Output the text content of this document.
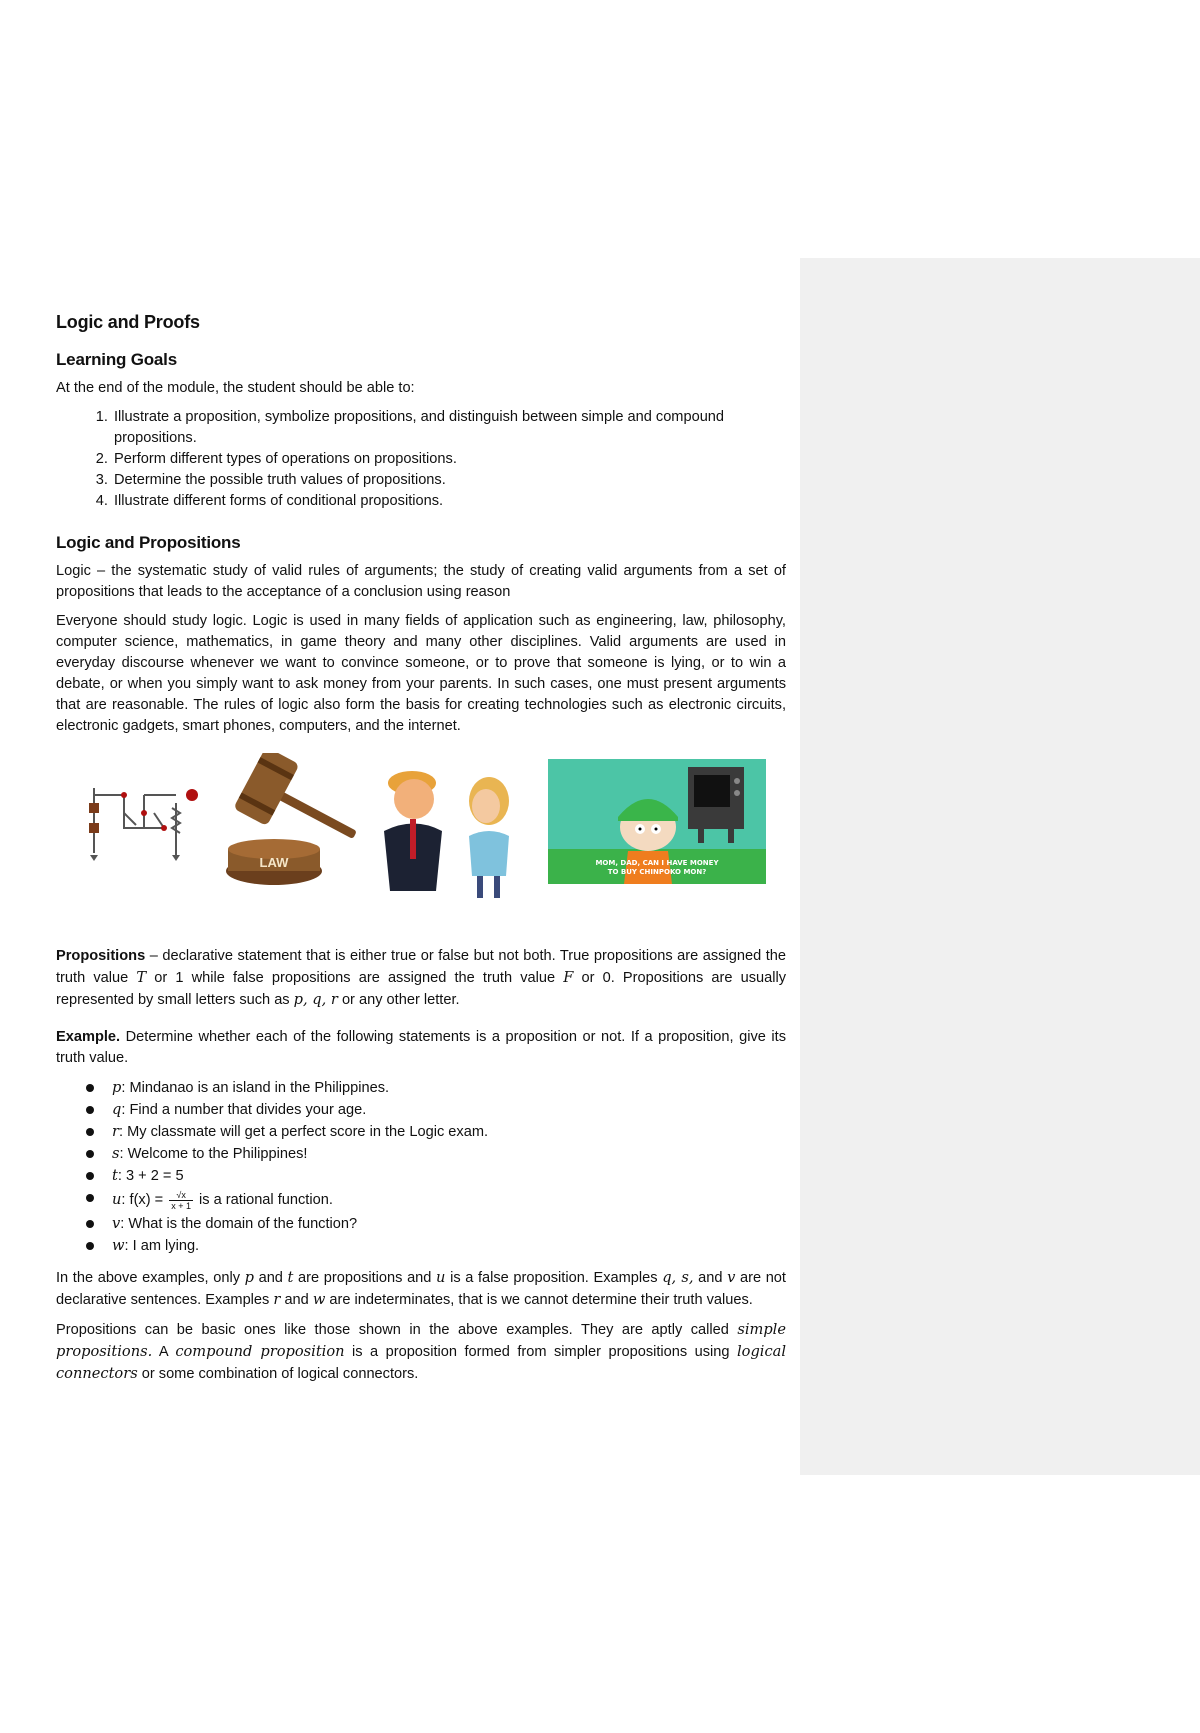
Logic and Proofs
Learning Goals

At the end of the module, the student should be able to:

1. Illustrate a proposition, symbolize propositions, and distinguish between simple and compound propositions.
2. Perform different types of operations on propositions.
3. Determine the possible truth values of propositions.
4. Illustrate different forms of conditional propositions.
Logic and Propositions

Logic – the systematic study of valid rules of arguments; the study of creating valid arguments from a set of propositions that leads to the acceptance of a conclusion using reason

Everyone should study logic. Logic is used in many fields of application such as engineering, law, philosophy, computer science, mathematics, in game theory and many other disciplines. Valid arguments are used in everyday discourse whenever we want to convince someone, or to prove that someone is lying, or to win a debate, or when you simply want to ask money from your parents. In such cases, one must present arguments that are reasonable. The rules of logic also form the basis for creating technologies such as electronic circuits, electronic gadgets, smart phones, computers, and the internet.

LAW	MOM, DAD, CAN I HAVE MONEY
TO BUY CHINPOKO MON?

Propositions – declarative statement that is either true or false but not both. True propositions are assigned the truth value T or 1 while false propositions are assigned the truth value F or 0. Propositions are usually represented by small letters such as p, q, r or any other letter.

Example. Determine whether each of the following statements is a proposition or not. If a proposition, give its truth value.

p: Mindanao is an island in the Philippines.
q: Find a number that divides your age.
r: My classmate will get a perfect score in the Logic exam.
s: Welcome to the Philippines!
t: 3 + 2 = 5
u: $f(x) = \frac{√x}{x + 1}$ is a rational function.
v: What is the domain of the function?
w: I am lying.

In the above examples, only p and t are propositions and u is a false proposition. Examples q, s, and v are not declarative sentences. Examples r and w are indeterminates, that is we cannot determine their truth values.

Propositions can be basic ones like those shown in the above examples. They are aptly called simple propositions. A compound proposition is a proposition formed from simpler propositions using logical connectors or some combination of logical connectors.
